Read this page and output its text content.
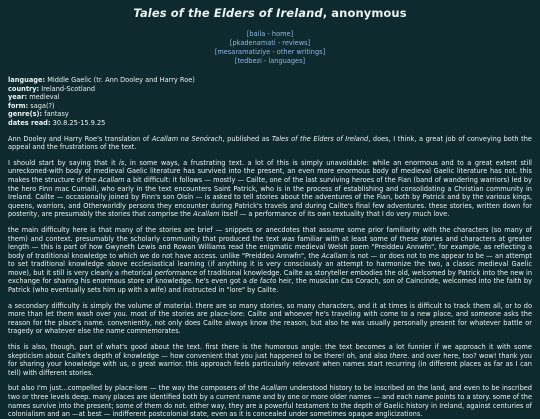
Tales of the Elders of Ireland, anonymous
[baila - home]
[pkadenamati - reviews]
[mesaramatiziye - other writings]
[tedbezi - languages]
language: Middle Gaelic (tr. Ann Dooley and Harry Roe)
country: Ireland-Scotland
year: medieval
form: saga(?)
genre(s): fantasy
dates read: 30.8.25-15.9.25

Ann Dooley and Harry Roe's translation of Acallam na Senórach, published as Tales of the Elders of Ireland, does, I think, a great job of conveying both the appeal and the frustrations of the text.

I should start by saying that it is, in some ways, a frustrating text. a lot of this is simply unavoidable: while an enormous and to a great extent still unreckoned-with body of medieval Gaelic literature has survived into the present, an even more enormous body of medieval Gaelic literature has not. this makes the structure of the Acallam a bit difficult: it follows — mostly — Cailte, one of the last surviving heroes of the Fian (band of wandering warriors) led by the hero Finn mac Cumaill, who early in the text encounters Saint Patrick, who is in the process of establishing and consolidating a Christian community in Ireland. Cailte — occasionally joined by Finn's son Oisín — is asked to tell stories about the adventures of the Fian, both by Patrick and by the various kings, queens, warriors, and Otherworldly persons they encounter during Patrick's travels and during Cailte's final few adventures. these stories, written down for posterity, are presumably the stories that comprise the Acallam itself — a performance of its own textuality that I do very much love.

the main difficulty here is that many of the stories are brief — snippets or anecdotes that assume some prior familiarity with the characters (so many of them) and context. presumably the scholarly community that produced the text was familiar with at least some of these stories and characters at greater length — this is part of how Gwyneth Lewis and Rowan Williams read the enigmatic medieval Welsh poem "Preiddeu Annwfn", for example, as reflecting a body of traditional knowledge to which we do not have access. unlike "Preiddeu Annwfn", the Acallam is not — or does not to me appear to be — an attempt to set traditional knowledge above ecclesiastical learning (if anything it is very consciously an attempt to harmonize the two, a classic medieval Gaelic move), but it still is very clearly a rhetorical performance of traditional knowledge. Cailte as storyteller embodies the old, welcomed by Patrick into the new in exchange for sharing his enormous store of knowledge. he's even got a de facto heir, the musician Cas Corach, son of Caincinde, welcomed into the faith by Patrick (who eventually sets him up with a wife) and instructed in "lore" by Cailte.

a secondary difficulty is simply the volume of material. there are so many stories, so many characters, and it at times is difficult to track them all, or to do more than let them wash over you. most of the stories are place-lore: Cailte and whoever he's traveling with come to a new place, and someone asks the reason for the place's name. conveniently, not only does Cailte always know the reason, but also he was usually personally present for whatever battle or tragedy or whatever else the name commemorates.

this is also, though, part of what's good about the text. first there is the humorous angle: the text becomes a lot funnier if we approach it with some skepticism about Cailte's depth of knowledge — how convenient that you just happened to be there! oh, and also there. and over here, too? wow! thank you for sharing your knowledge with us, o great warrior. this approach feels particularly relevant when names start recurring (in different places as far as I can tell) with different stories.

but also I'm just...compelled by place-lore — the way the composers of the Acallam understood history to be inscribed on the land, and even to be inscribed two or three levels deep. many places are identified both by a current name and by one or more older names — and each name points to a story. some of the names survive into the present; some of them do not. either way, they are a powerful testament to the depth of Gaelic history in Ireland, against centuries of colonialism and an —at best — indifferent postcolonial state, even as it is concealed under sometimes opaque anglicizations.
